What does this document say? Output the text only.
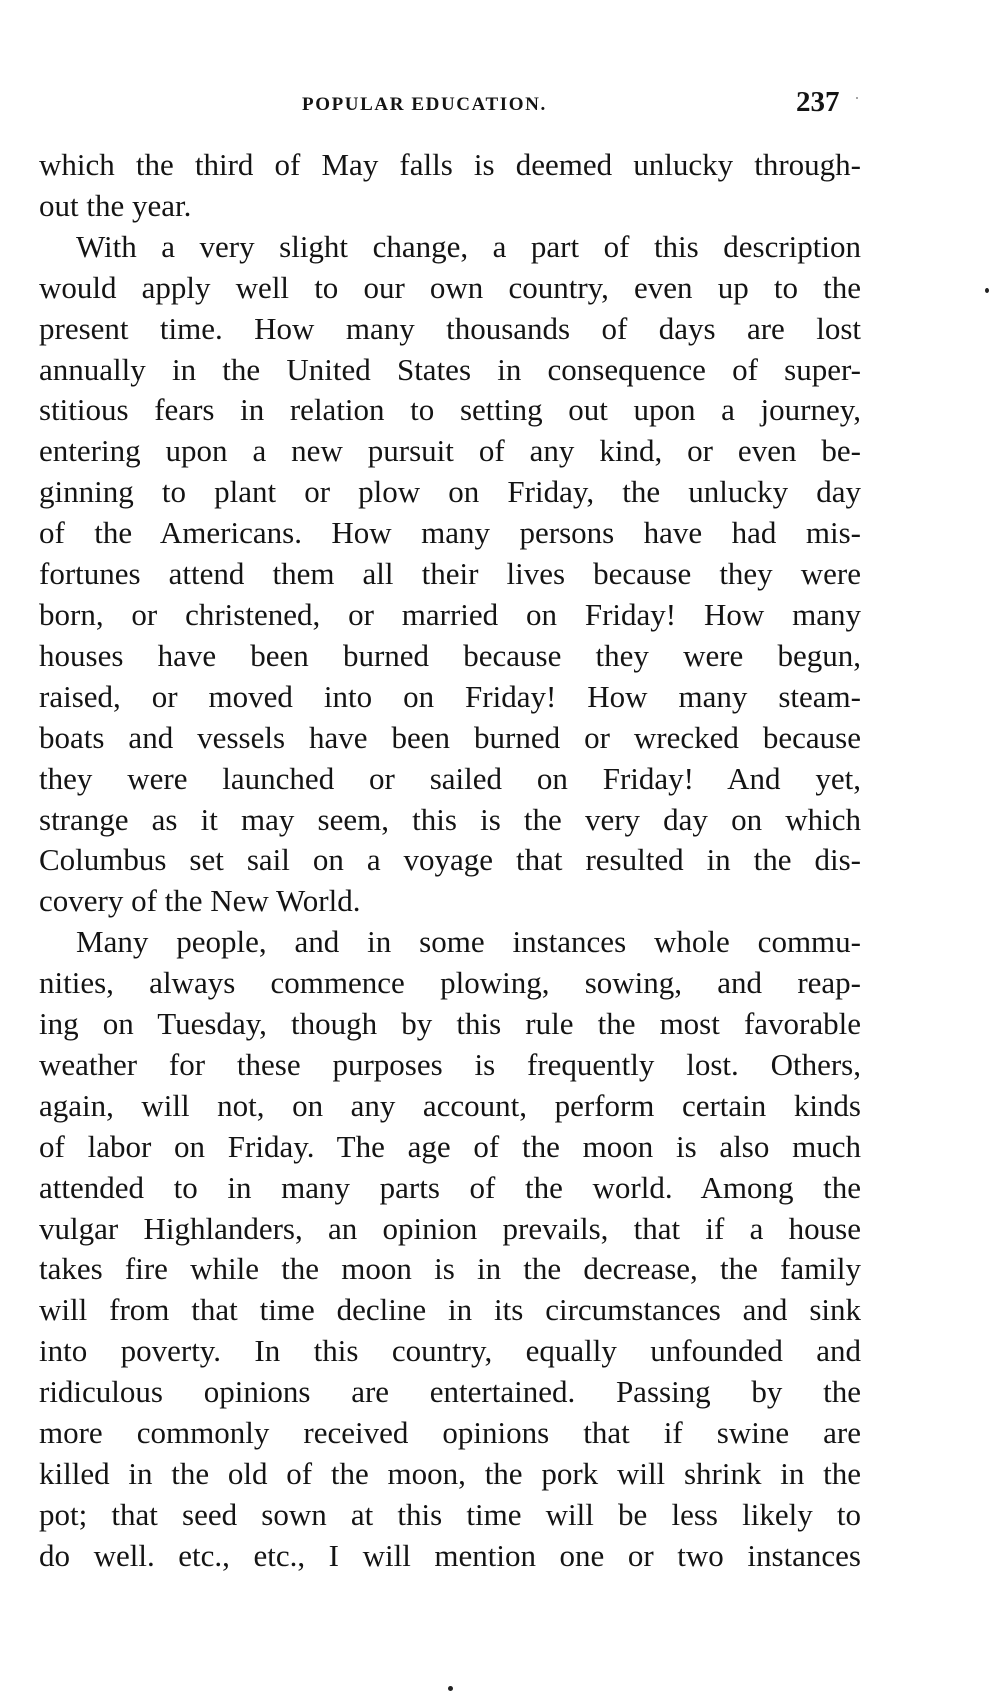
POPULAR EDUCATION.	237

which the third of May falls is deemed unlucky through-
out the year.

With a very slight change, a part of this description
would apply well to our own country, even up to the
present time. How many thousands of days are lost
annually in the United States in consequence of super-
stitious fears in relation to setting out upon a journey,
entering upon a new pursuit of any kind, or even be-
ginning to plant or plow on Friday, the unlucky day
of the Americans. How many persons have had mis-
fortunes attend them all their lives because they were
born, or christened, or married on Friday! How many
houses have been burned because they were begun,
raised, or moved into on Friday! How many steam-
boats and vessels have been burned or wrecked because
they were launched or sailed on Friday! And yet,
strange as it may seem, this is the very day on which
Columbus set sail on a voyage that resulted in the dis-
covery of the New World.

Many people, and in some instances whole commu-
nities, always commence plowing, sowing, and reap-
ing on Tuesday, though by this rule the most favorable
weather for these purposes is frequently lost. Others,
again, will not, on any account, perform certain kinds
of labor on Friday. The age of the moon is also much
attended to in many parts of the world. Among the
vulgar Highlanders, an opinion prevails, that if a house
takes fire while the moon is in the decrease, the family
will from that time decline in its circumstances and sink
into poverty. In this country, equally unfounded and
ridiculous opinions are entertained. Passing by the
more commonly received opinions that if swine are
killed in the old of the moon, the pork will shrink in the
pot; that seed sown at this time will be less likely to
do well. etc., etc., I will mention one or two instances
